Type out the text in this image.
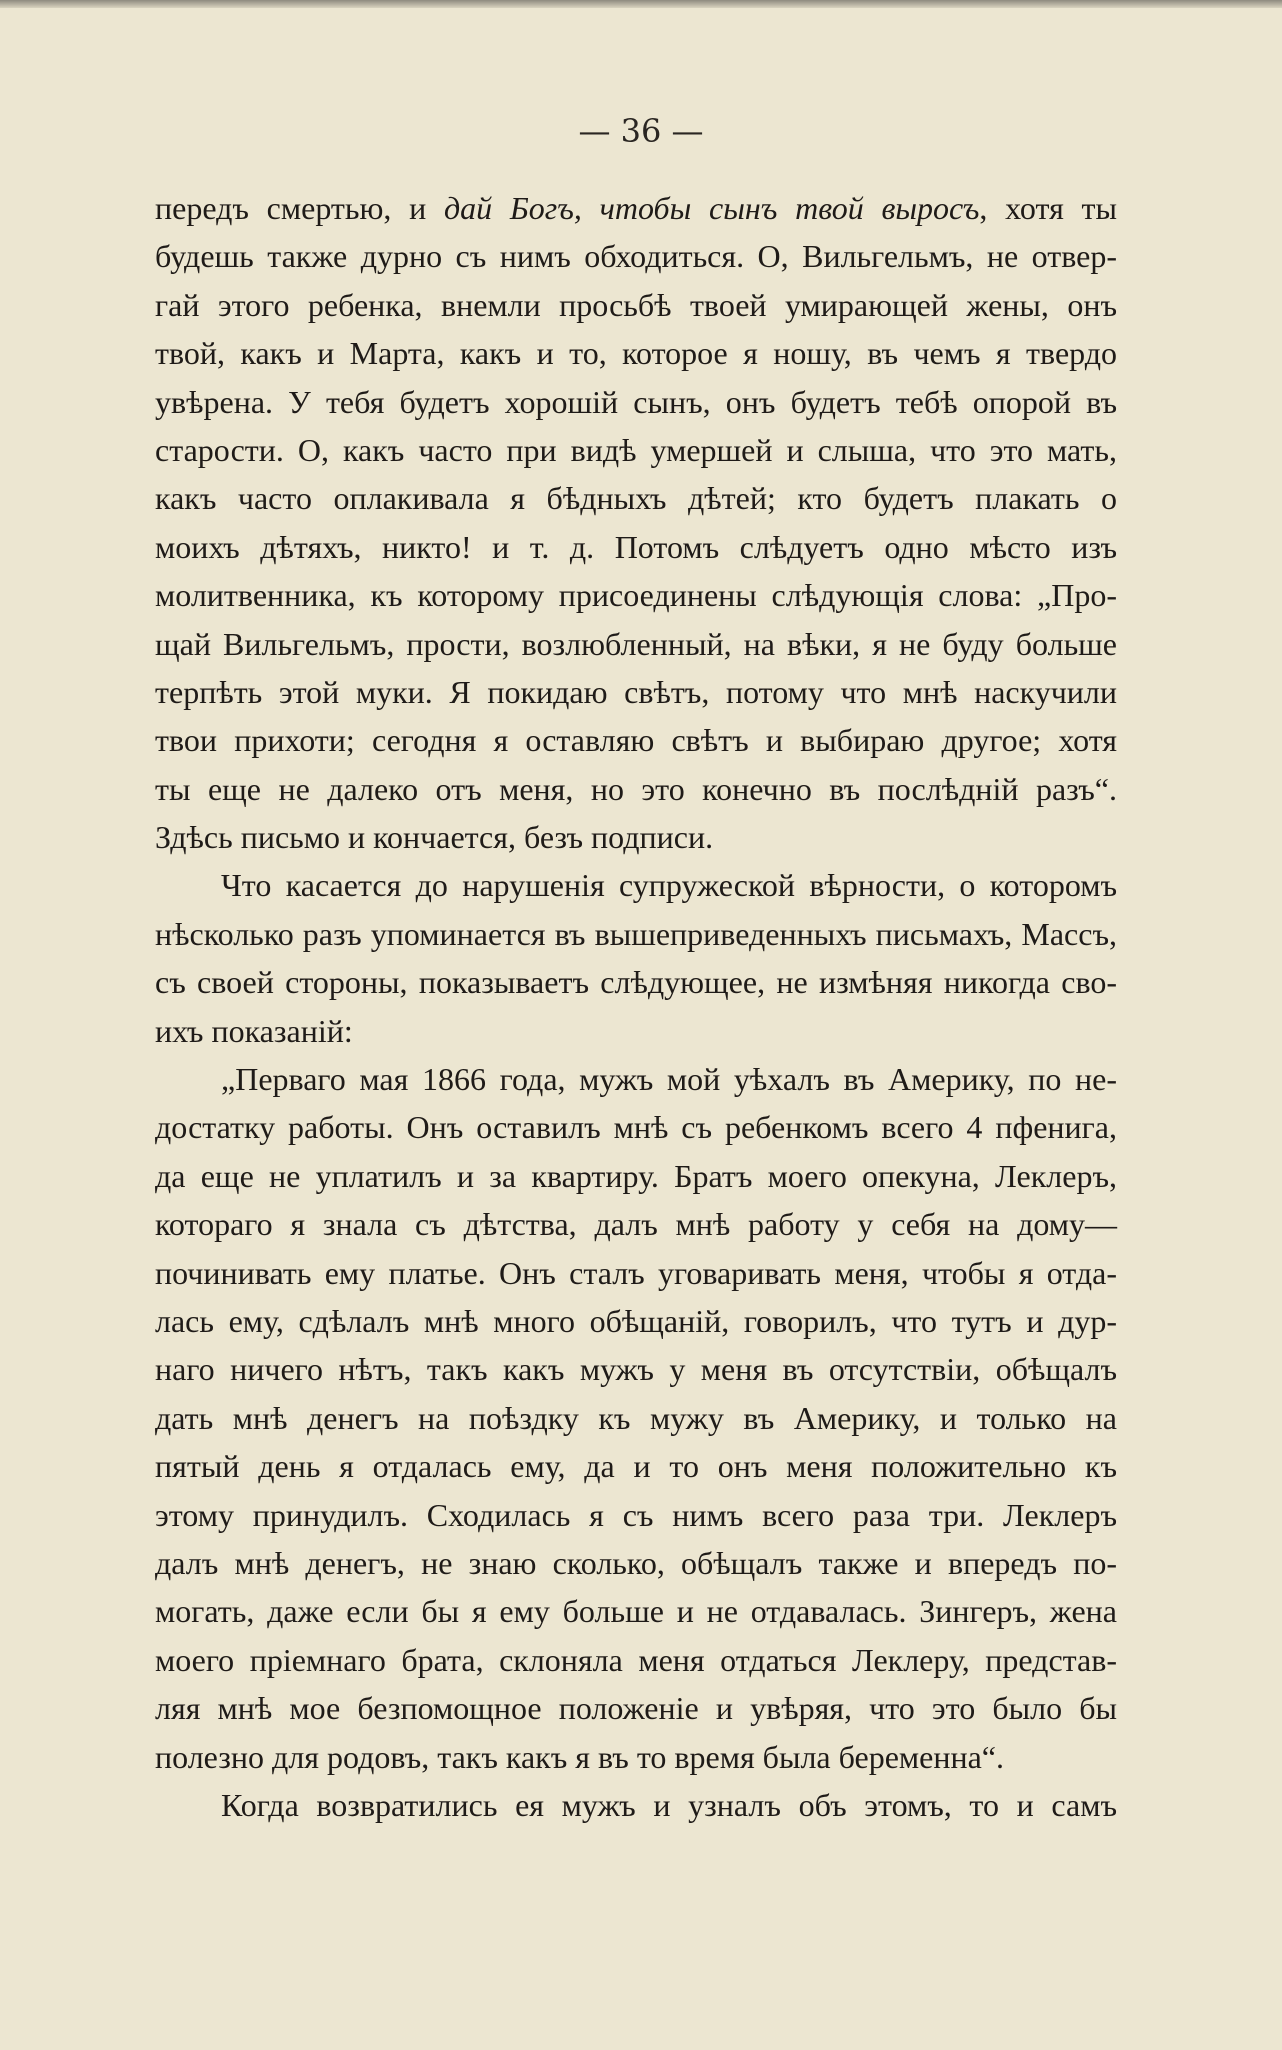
— 36 —
передъ смертью, и дай Богъ, чтобы сынъ твой выросъ, хотя ты
будешь также дурно съ нимъ обходиться. О, Вильгельмъ, не отвер-
гай этого ребенка, внемли просьбѣ твоей умирающей жены, онъ
твой, какъ и Марта, какъ и то, которое я ношу, въ чемъ я твердо
увѣрена. У тебя будетъ хорошій сынъ, онъ будетъ тебѣ опорой въ
старости. О, какъ часто при видѣ умершей и слыша, что это мать,
какъ часто оплакивала я бѣдныхъ дѣтей; кто будетъ плакать о
моихъ дѣтяхъ, никто! и т. д. Потомъ слѣдуетъ одно мѣсто изъ
молитвенника, къ которому присоединены слѣдующія слова: „Про-
щай Вильгельмъ, прости, возлюбленный, на вѣки, я не буду больше
терпѣть этой муки. Я покидаю свѣтъ, потому что мнѣ наскучили
твои прихоти; сегодня я оставляю свѣтъ и выбираю другое; хотя
ты еще не далеко отъ меня, но это конечно въ послѣдній разъ“.
Здѣсь письмо и кончается, безъ подписи.
Что касается до нарушенія супружеской вѣрности, о которомъ
нѣсколько разъ упоминается въ вышеприведенныхъ письмахъ, Массъ,
съ своей стороны, показываетъ слѣдующее, не измѣняя никогда сво-
ихъ показаній:
„Перваго мая 1866 года, мужъ мой уѣхалъ въ Америку, по не-
достатку работы. Онъ оставилъ мнѣ съ ребенкомъ всего 4 пфенига,
да еще не уплатилъ и за квартиру. Братъ моего опекуна, Леклеръ,
котораго я знала съ дѣтства, далъ мнѣ работу у себя на дому—
починивать ему платье. Онъ сталъ уговаривать меня, чтобы я отда-
лась ему, сдѣлалъ мнѣ много обѣщаній, говорилъ, что тутъ и дур-
наго ничего нѣтъ, такъ какъ мужъ у меня въ отсутствіи, обѣщалъ
дать мнѣ денегъ на поѣздку къ мужу въ Америку, и только на
пятый день я отдалась ему, да и то онъ меня положительно къ
этому принудилъ. Сходилась я съ нимъ всего раза три. Леклеръ
далъ мнѣ денегъ, не знаю сколько, обѣщалъ также и впередъ по-
могать, даже если бы я ему больше и не отдавалась. Зингеръ, жена
моего пріемнаго брата, склоняла меня отдаться Леклеру, представ-
ляя мнѣ мое безпомощное положеніе и увѣряя, что это было бы
полезно для родовъ, такъ какъ я въ то время была беременна“.
Когда возвратились ея мужъ и узналъ объ этомъ, то и самъ
